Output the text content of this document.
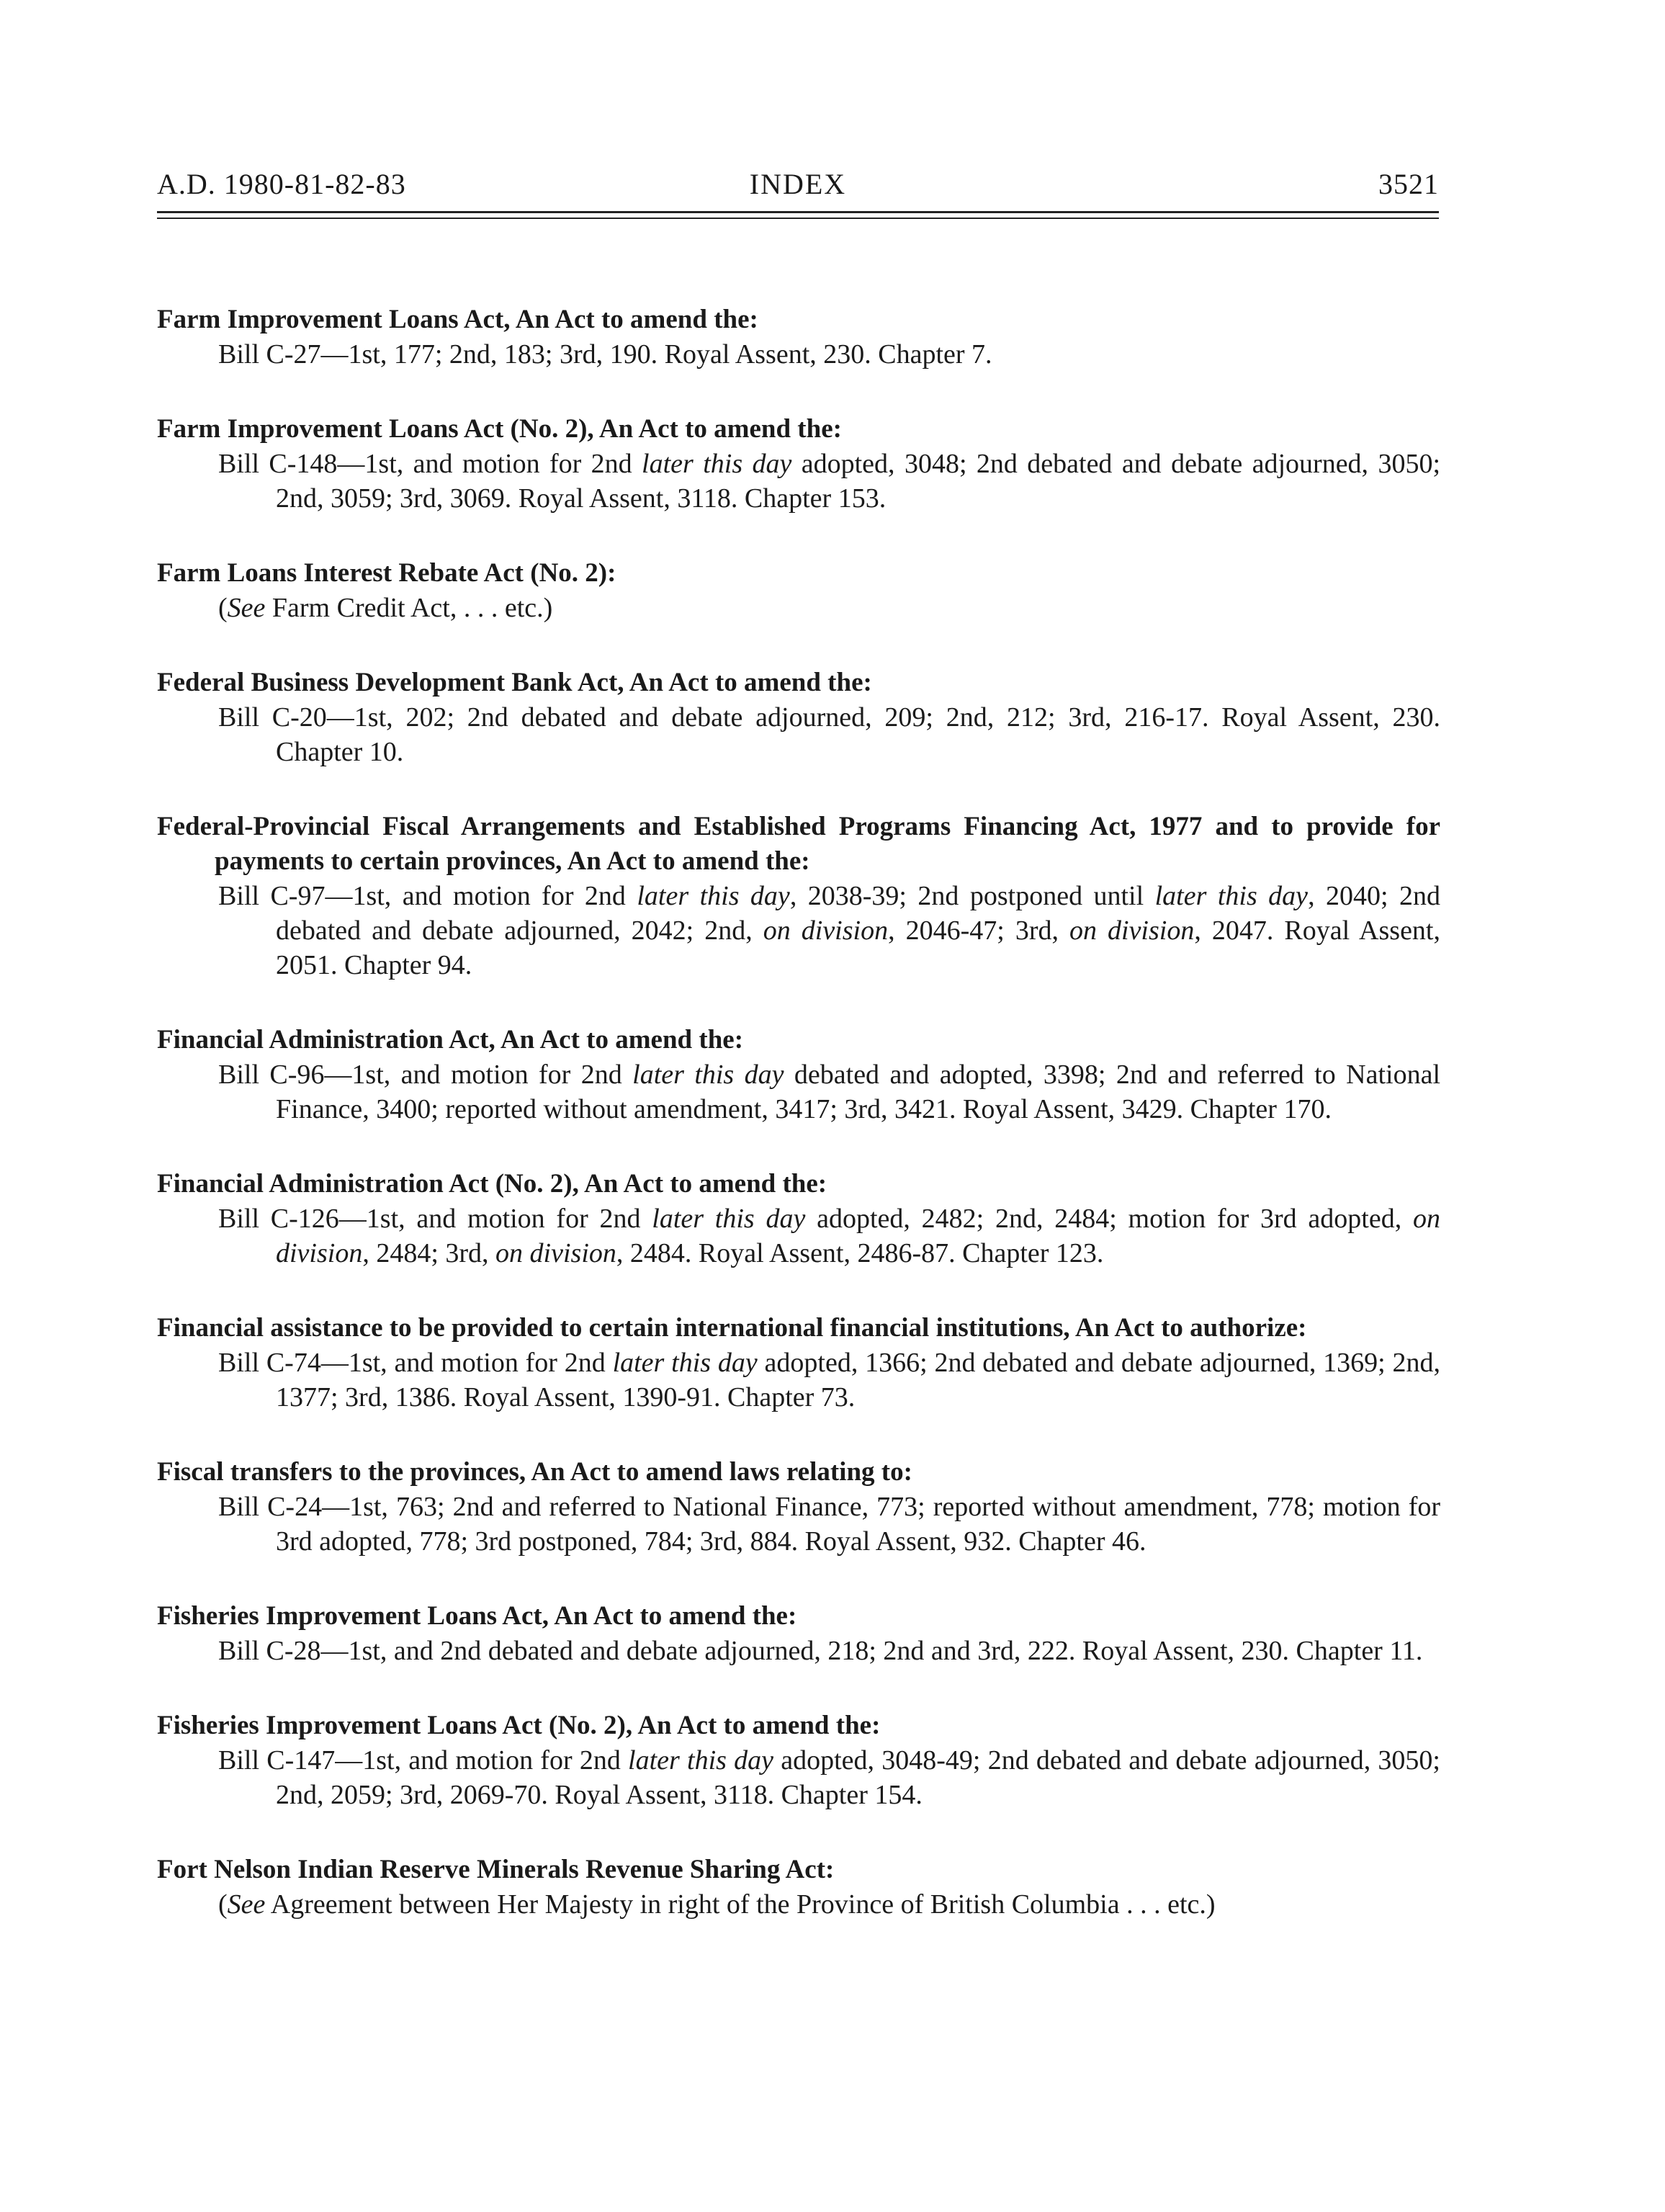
A.D. 1980-81-82-83	INDEX	3521
Farm Improvement Loans Act, An Act to amend the:
Bill C-27—1st, 177; 2nd, 183; 3rd, 190. Royal Assent, 230. Chapter 7.
Farm Improvement Loans Act (No. 2), An Act to amend the:
Bill C-148—1st, and motion for 2nd later this day adopted, 3048; 2nd debated and debate adjourned, 3050; 2nd, 3059; 3rd, 3069. Royal Assent, 3118. Chapter 153.
Farm Loans Interest Rebate Act (No. 2):
(See Farm Credit Act, . . . etc.)
Federal Business Development Bank Act, An Act to amend the:
Bill C-20—1st, 202; 2nd debated and debate adjourned, 209; 2nd, 212; 3rd, 216-17. Royal Assent, 230. Chapter 10.
Federal-Provincial Fiscal Arrangements and Established Programs Financing Act, 1977 and to provide for payments to certain provinces, An Act to amend the:
Bill C-97—1st, and motion for 2nd later this day, 2038-39; 2nd postponed until later this day, 2040; 2nd debated and debate adjourned, 2042; 2nd, on division, 2046-47; 3rd, on division, 2047. Royal Assent, 2051. Chapter 94.
Financial Administration Act, An Act to amend the:
Bill C-96—1st, and motion for 2nd later this day debated and adopted, 3398; 2nd and referred to National Finance, 3400; reported without amendment, 3417; 3rd, 3421. Royal Assent, 3429. Chapter 170.
Financial Administration Act (No. 2), An Act to amend the:
Bill C-126—1st, and motion for 2nd later this day adopted, 2482; 2nd, 2484; motion for 3rd adopted, on division, 2484; 3rd, on division, 2484. Royal Assent, 2486-87. Chapter 123.
Financial assistance to be provided to certain international financial institutions, An Act to authorize:
Bill C-74—1st, and motion for 2nd later this day adopted, 1366; 2nd debated and debate adjourned, 1369; 2nd, 1377; 3rd, 1386. Royal Assent, 1390-91. Chapter 73.
Fiscal transfers to the provinces, An Act to amend laws relating to:
Bill C-24—1st, 763; 2nd and referred to National Finance, 773; reported without amendment, 778; motion for 3rd adopted, 778; 3rd postponed, 784; 3rd, 884. Royal Assent, 932. Chapter 46.
Fisheries Improvement Loans Act, An Act to amend the:
Bill C-28—1st, and 2nd debated and debate adjourned, 218; 2nd and 3rd, 222. Royal Assent, 230. Chapter 11.
Fisheries Improvement Loans Act (No. 2), An Act to amend the:
Bill C-147—1st, and motion for 2nd later this day adopted, 3048-49; 2nd debated and debate adjourned, 3050; 2nd, 2059; 3rd, 2069-70. Royal Assent, 3118. Chapter 154.
Fort Nelson Indian Reserve Minerals Revenue Sharing Act:
(See Agreement between Her Majesty in right of the Province of British Columbia . . . etc.)
